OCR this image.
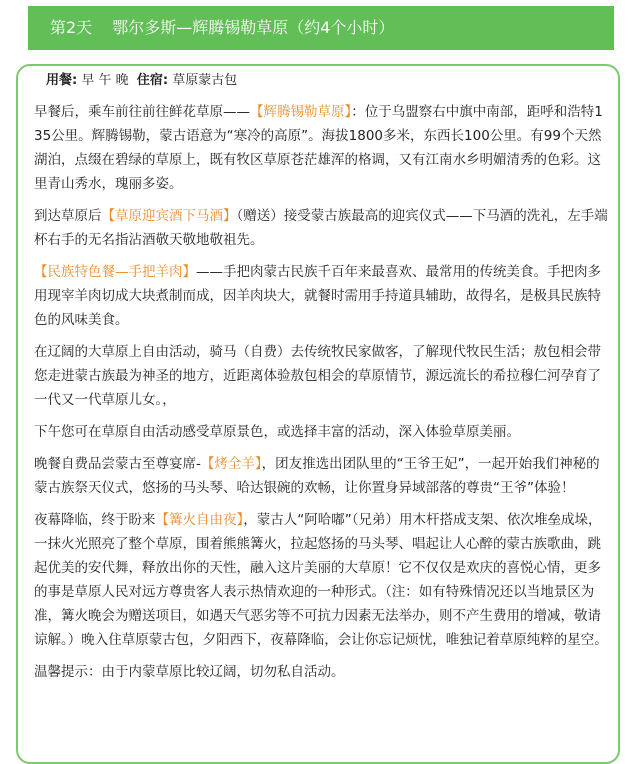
第2天 鄂尔多斯—辉腾锡勒草原（约4个小时）
用餐: 早 午 晚 住宿: 草原蒙古包

早餐后，乘车前往前往鲜花草原——【辉腾锡勒草原】：位于乌盟察右中旗中南部，距呼和浩特135公里。辉腾锡勒，蒙古语意为“寒冷的高原”。海拔1800多米，东西长100公里。有99个天然湖泊，点缀在碧绿的草原上，既有牧区草原苍茫雄浑的格调，又有江南水乡明媚清秀的色彩。这里青山秀水，瑰丽多姿。

到达草原后【草原迎宾酒下马酒】（赠送）接受蒙古族最高的迎宾仪式——下马酒的洗礼，左手端杯右手的无名指沾酒敬天敬地敬祖先。

【民族特色餐—手把羊肉】——手把肉蒙古民族千百年来最喜欢、最常用的传统美食。手把肉多用现宰羊肉切成大块煮制而成，因羊肉块大，就餐时需用手持道具辅助，故得名，是极具民族特色的风味美食。

在辽阔的大草原上自由活动，骑马（自费）去传统牧民家做客，了解现代牧民生活；敖包相会带您走进蒙古族最为神圣的地方，近距离体验敖包相会的草原情节，源远流长的希拉穆仁河孕育了一代又一代草原儿女。，

下午您可在草原自由活动感受草原景色，或选择丰富的活动，深入体验草原美丽。

晚餐自费品尝蒙古至尊宴席-【烤全羊】，团友推选出团队里的“王爷王妃”，一起开始我们神秘的蒙古族祭天仪式，悠扬的马头琴、哈达银碗的欢畅，让你置身异域部落的尊贵“王爷”体验！

夜幕降临，终于盼来【篝火自由夜】，蒙古人“阿哈嘟”（兄弟）用木杆搭成支架、依次堆垒成垛，一抹火光照亮了整个草原，围着熊熊篝火，拉起悠扬的马头琴、唱起让人心醉的蒙古族歌曲，跳起优美的安代舞，释放出你的天性，融入这片美丽的大草原！它不仅仅是欢庆的喜悦心情，更多的事是草原人民对远方尊贵客人表示热情欢迎的一种形式。（注：如有特殊情况还以当地景区为准，篝火晚会为赠送项目，如遇天气恶劣等不可抗力因素无法举办，则不产生费用的增减，敬请谅解。）晚入住草原蒙古包，夕阳西下，夜幕降临，会让你忘记烦忧，唯独记着草原纯粹的星空。

温馨提示：由于内蒙草原比较辽阔，切勿私自活动。
